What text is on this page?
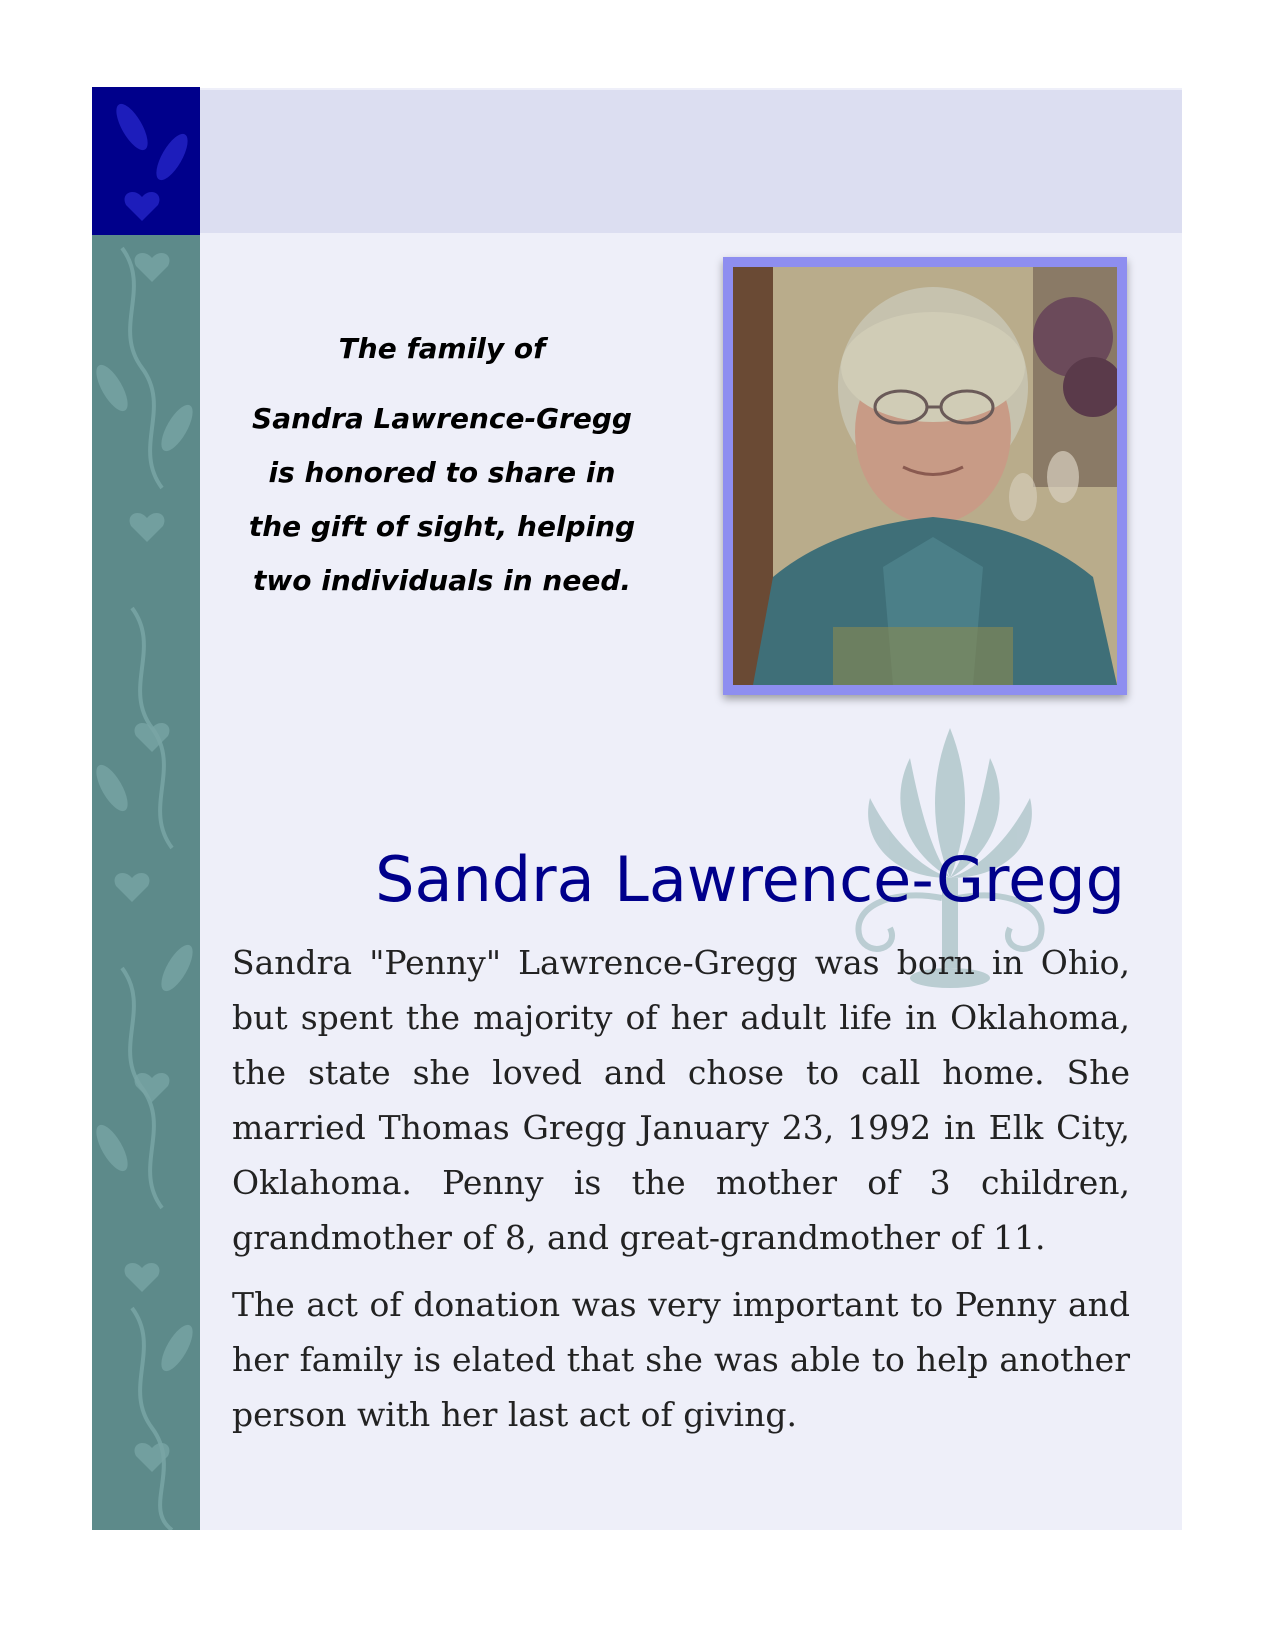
The family of
Sandra Lawrence-Gregg
is honored to share in
the gift of sight, helping
two individuals in need.
Sandra Lawrence-Gregg

Sandra "Penny" Lawrence-Gregg was born in Ohio, but spent the majority of her adult life in Oklahoma, the state she loved and chose to call home. She married Thomas Gregg January 23, 1992 in Elk City, Oklahoma. Penny is the mother of 3 children, grandmother of 8, and great-grandmother of 11.

The act of donation was very important to Penny and her family is elated that she was able to help another person with her last act of giving.
